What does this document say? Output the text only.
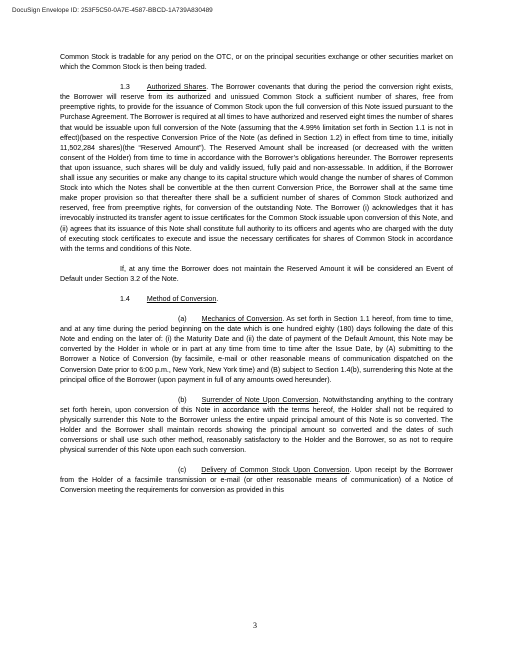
DocuSign Envelope ID: 253F5C50-0A7E-4587-BBCD-1A739A830489

Common Stock is tradable for any period on the OTC, or on the principal securities exchange or other securities market on which the Common Stock is then being traded.

1.3 Authorized Shares. The Borrower covenants that during the period the conversion right exists, the Borrower will reserve from its authorized and unissued Common Stock a sufficient number of shares, free from preemptive rights, to provide for the issuance of Common Stock upon the full conversion of this Note issued pursuant to the Purchase Agreement. The Borrower is required at all times to have authorized and reserved eight times the number of shares that would be issuable upon full conversion of the Note (assuming that the 4.99% limitation set forth in Section 1.1 is not in effect)(based on the respective Conversion Price of the Note (as defined in Section 1.2) in effect from time to time, initially 11,502,284 shares)(the “Reserved Amount”). The Reserved Amount shall be increased (or decreased with the written consent of the Holder) from time to time in accordance with the Borrower’s obligations hereunder. The Borrower represents that upon issuance, such shares will be duly and validly issued, fully paid and non-assessable. In addition, if the Borrower shall issue any securities or make any change to its capital structure which would change the number of shares of Common Stock into which the Notes shall be convertible at the then current Conversion Price, the Borrower shall at the same time make proper provision so that thereafter there shall be a sufficient number of shares of Common Stock authorized and reserved, free from preemptive rights, for conversion of the outstanding Note. The Borrower (i) acknowledges that it has irrevocably instructed its transfer agent to issue certificates for the Common Stock issuable upon conversion of this Note, and (ii) agrees that its issuance of this Note shall constitute full authority to its officers and agents who are charged with the duty of executing stock certificates to execute and issue the necessary certificates for shares of Common Stock in accordance with the terms and conditions of this Note.

If, at any time the Borrower does not maintain the Reserved Amount it will be considered an Event of Default under Section 3.2 of the Note.

1.4 Method of Conversion.

(a) Mechanics of Conversion. As set forth in Section 1.1 hereof, from time to time, and at any time during the period beginning on the date which is one hundred eighty (180) days following the date of this Note and ending on the later of: (i) the Maturity Date and (ii) the date of payment of the Default Amount, this Note may be converted by the Holder in whole or in part at any time from time to time after the Issue Date, by (A) submitting to the Borrower a Notice of Conversion (by facsimile, e-mail or other reasonable means of communication dispatched on the Conversion Date prior to 6:00 p.m., New York, New York time) and (B) subject to Section 1.4(b), surrendering this Note at the principal office of the Borrower (upon payment in full of any amounts owed hereunder).

(b) Surrender of Note Upon Conversion. Notwithstanding anything to the contrary set forth herein, upon conversion of this Note in accordance with the terms hereof, the Holder shall not be required to physically surrender this Note to the Borrower unless the entire unpaid principal amount of this Note is so converted. The Holder and the Borrower shall maintain records showing the principal amount so converted and the dates of such conversions or shall use such other method, reasonably satisfactory to the Holder and the Borrower, so as not to require physical surrender of this Note upon each such conversion.

(c) Delivery of Common Stock Upon Conversion. Upon receipt by the Borrower from the Holder of a facsimile transmission or e-mail (or other reasonable means of communication) of a Notice of Conversion meeting the requirements for conversion as provided in this

3
